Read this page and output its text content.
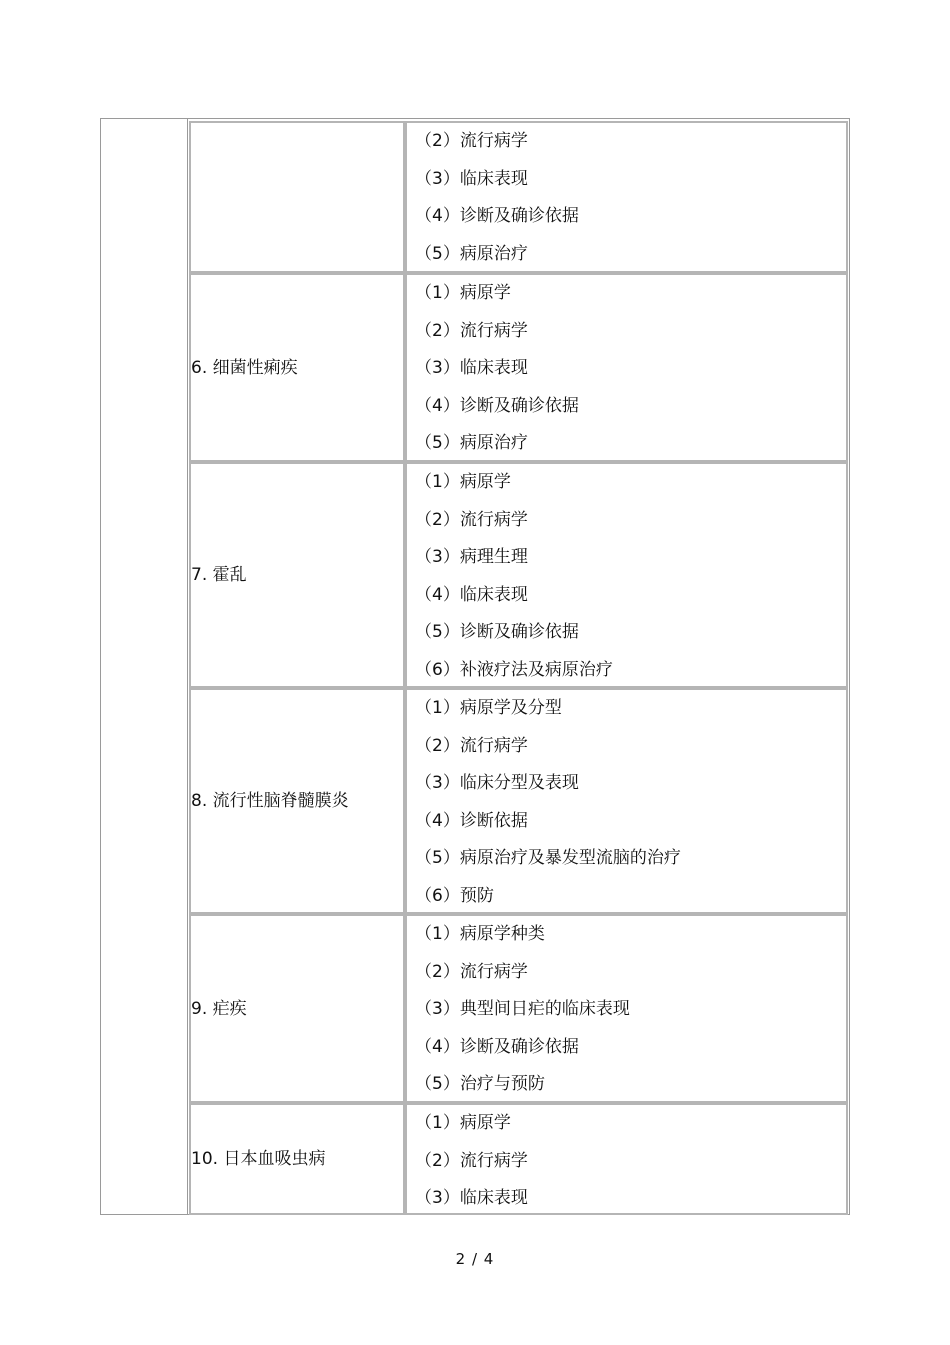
（2）流行病学
（3）临床表现
（4）诊断及确诊依据
（5）病原治疗
6. 细菌性痢疾
（1）病原学
（2）流行病学
（3）临床表现
（4）诊断及确诊依据
（5）病原治疗
7. 霍乱
（1）病原学
（2）流行病学
（3）病理生理
（4）临床表现
（5）诊断及确诊依据
（6）补液疗法及病原治疗
8. 流行性脑脊髓膜炎
（1）病原学及分型
（2）流行病学
（3）临床分型及表现
（4）诊断依据
（5）病原治疗及暴发型流脑的治疗
（6）预防
9. 疟疾
（1）病原学种类
（2）流行病学
（3）典型间日疟的临床表现
（4）诊断及确诊依据
（5）治疗与预防
10. 日本血吸虫病
（1）病原学
（2）流行病学
（3）临床表现
2 / 4
